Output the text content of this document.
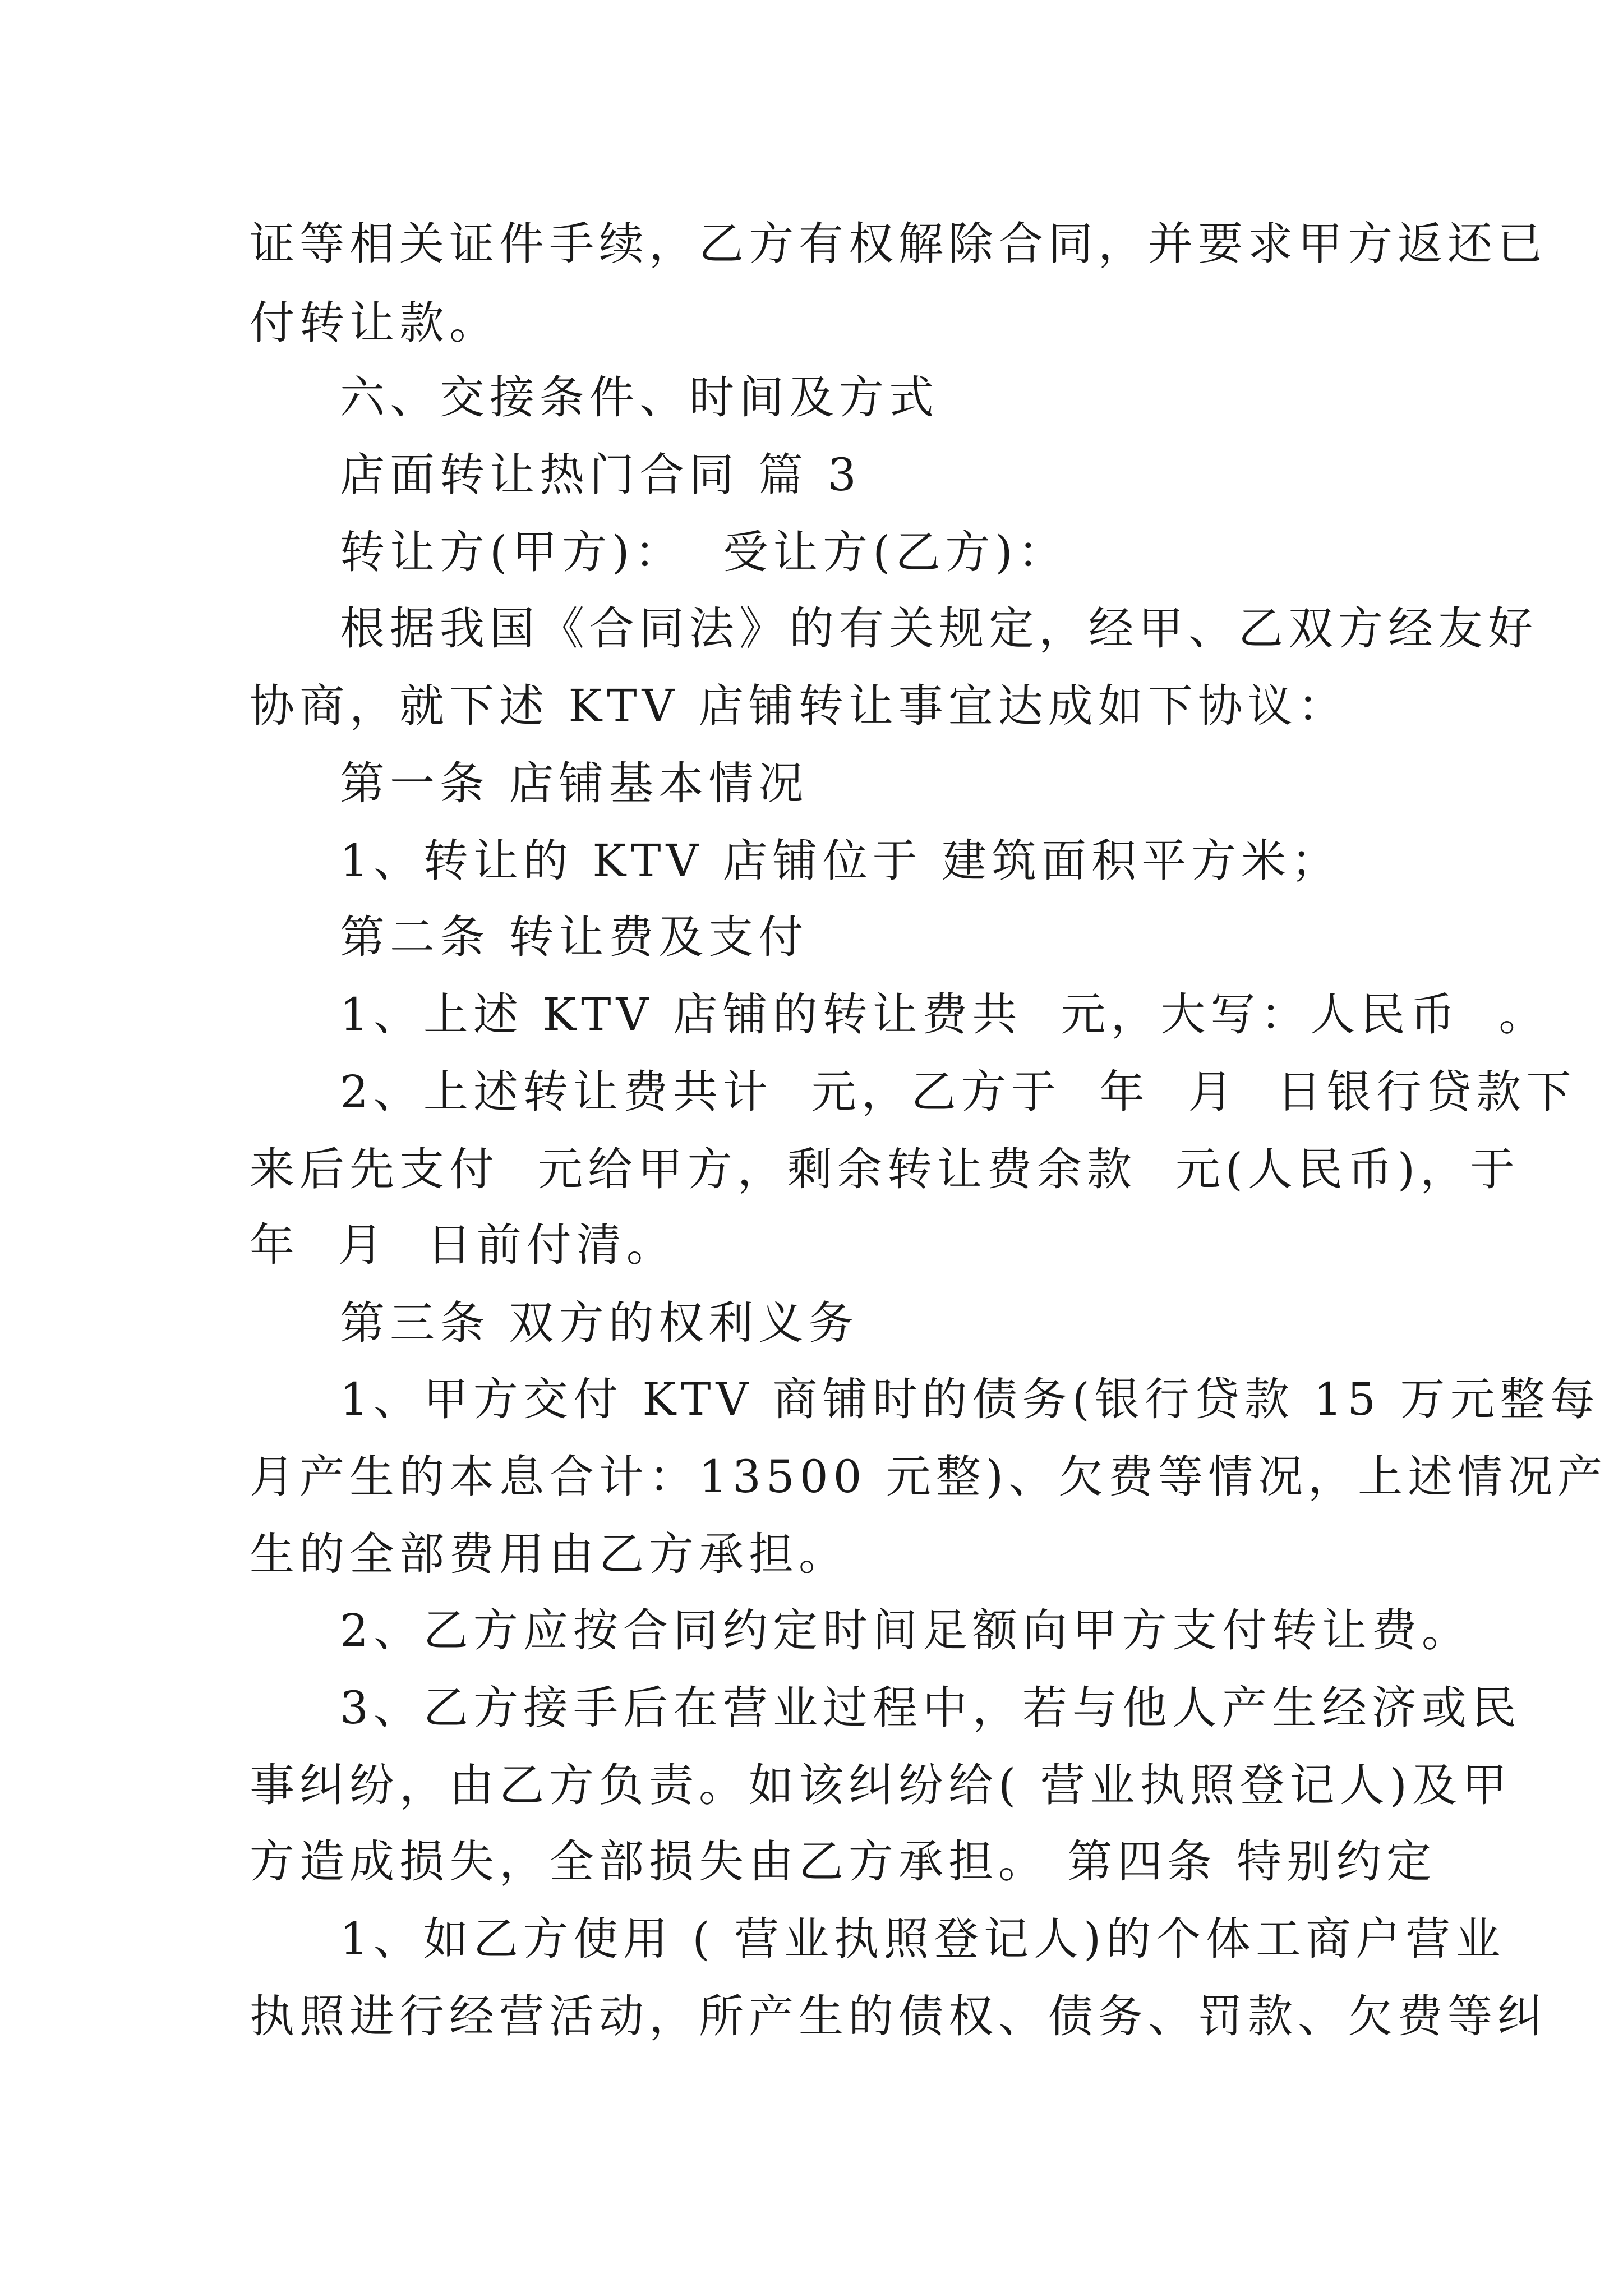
证等相关证件手续，乙方有权解除合同，并要求甲方返还已
付转让款。
六、交接条件、时间及方式
店面转让热门合同 篇 3
转让方(甲方)：  受让方(乙方)：
根据我国《合同法》的有关规定，经甲、乙双方经友好
协商，就下述 KTV 店铺转让事宜达成如下协议：
第一条 店铺基本情况
1、转让的 KTV 店铺位于 建筑面积平方米；
第二条 转让费及支付
1、上述 KTV 店铺的转让费共  元，大写：人民币  。
2、上述转让费共计  元，乙方于  年  月  日银行贷款下
来后先支付  元给甲方，剩余转让费余款  元(人民币)，于
年  月  日前付清。
第三条 双方的权利义务
1、甲方交付 KTV 商铺时的债务(银行贷款 15 万元整每
月产生的本息合计：13500 元整)、欠费等情况，上述情况产
生的全部费用由乙方承担。
2、乙方应按合同约定时间足额向甲方支付转让费。
3、乙方接手后在营业过程中，若与他人产生经济或民
事纠纷，由乙方负责。如该纠纷给( 营业执照登记人)及甲
方造成损失，全部损失由乙方承担。 第四条 特别约定
1、如乙方使用 ( 营业执照登记人)的个体工商户营业
执照进行经营活动，所产生的债权、债务、罚款、欠费等纠
